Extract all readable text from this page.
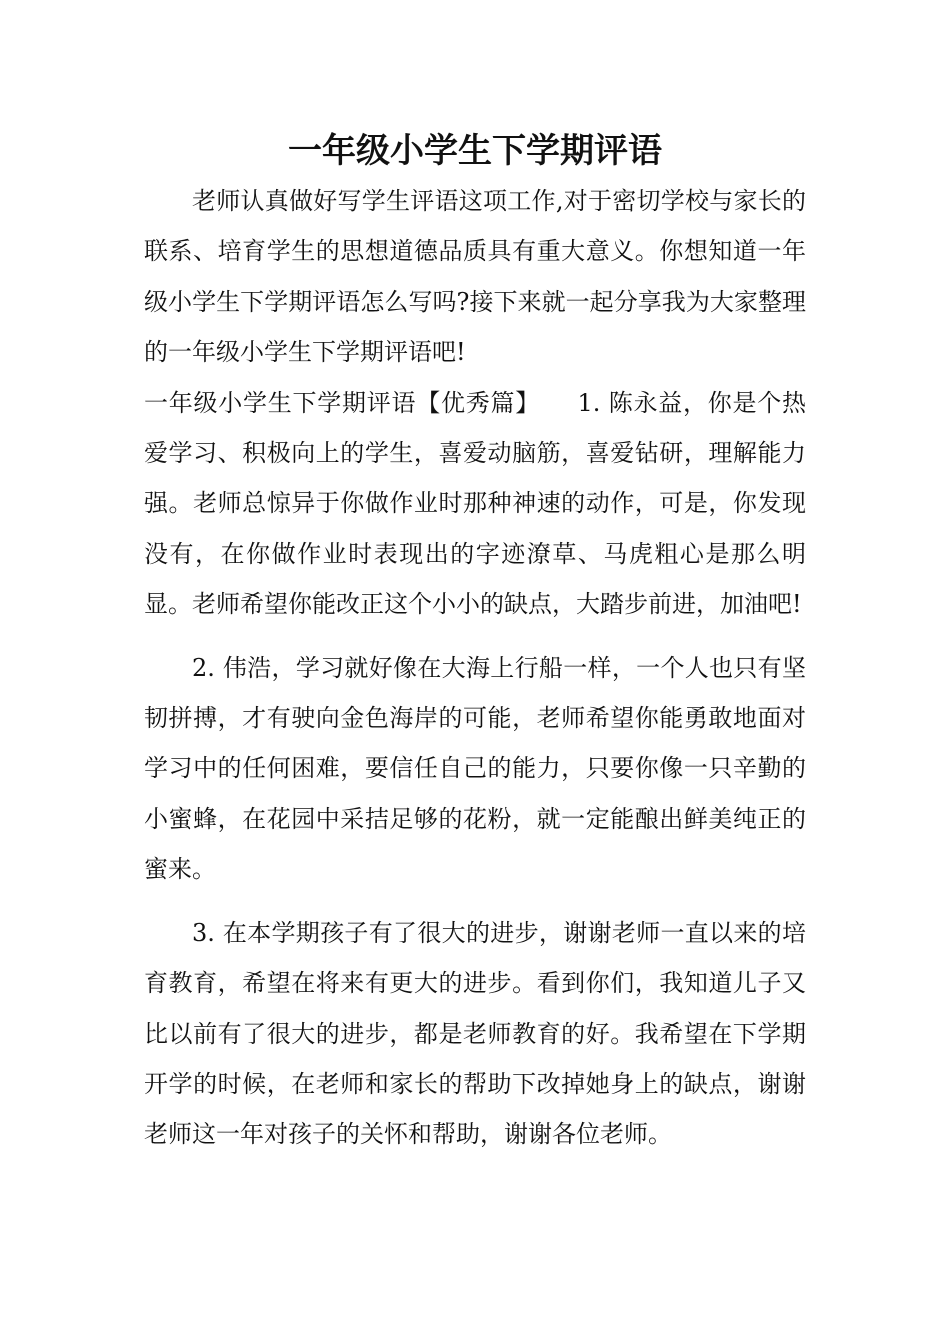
一年级小学生下学期评语

老师认真做好写学生评语这项工作,对于密切学校与家长的联系、培育学生的思想道德品质具有重大意义。你想知道一年级小学生下学期评语怎么写吗?接下来就一起分享我为大家整理的一年级小学生下学期评语吧!

一年级小学生下学期评语【优秀篇】　　1. 陈永益，你是个热爱学习、积极向上的学生，喜爱动脑筋，喜爱钻研，理解能力强。老师总惊异于你做作业时那种神速的动作，可是，你发现没有，在你做作业时表现出的字迹潦草、马虎粗心是那么明显。老师希望你能改正这个小小的缺点，大踏步前进，加油吧!

2. 伟浩，学习就好像在大海上行船一样，一个人也只有坚韧拼搏，才有驶向金色海岸的可能，老师希望你能勇敢地面对学习中的任何困难，要信任自己的能力，只要你像一只辛勤的小蜜蜂，在花园中采拮足够的花粉，就一定能酿出鲜美纯正的蜜来。

3. 在本学期孩子有了很大的进步，谢谢老师一直以来的培育教育，希望在将来有更大的进步。看到你们，我知道儿子又比以前有了很大的进步，都是老师教育的好。我希望在下学期开学的时候，在老师和家长的帮助下改掉她身上的缺点，谢谢老师这一年对孩子的关怀和帮助，谢谢各位老师。
